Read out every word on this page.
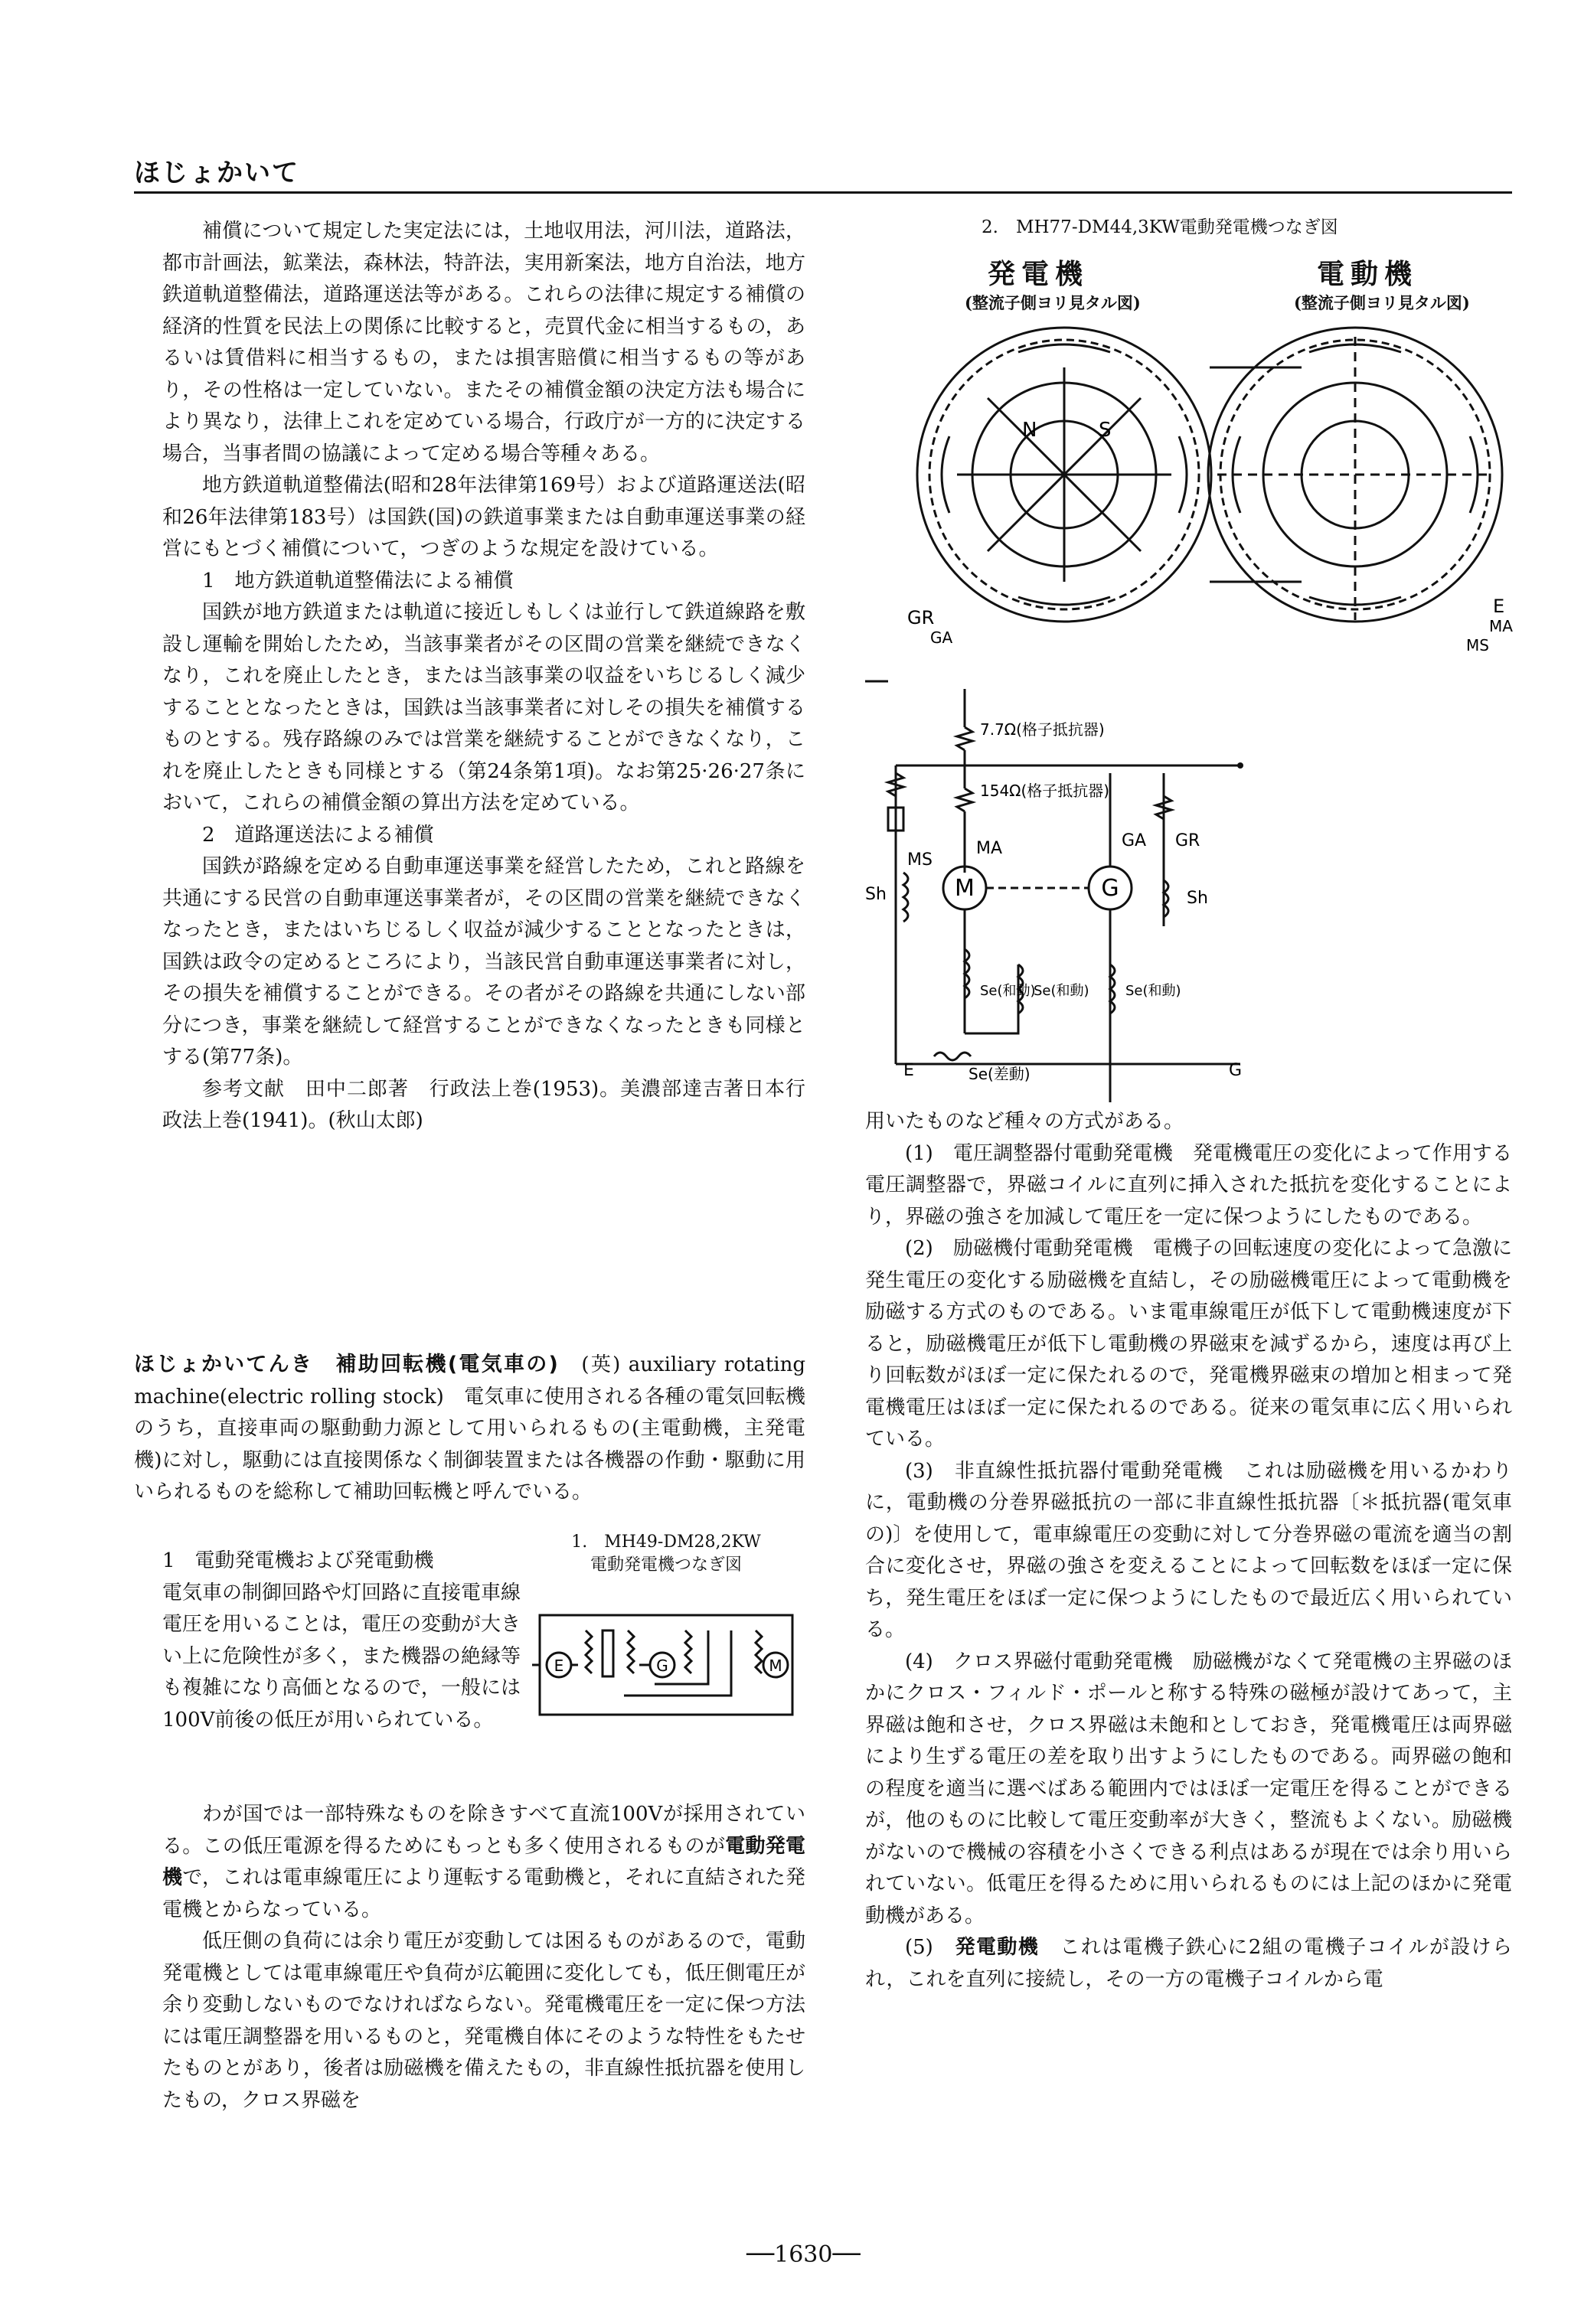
ほじょかいて

補償について規定した実定法には，土地収用法，河川法，道路法，都市計画法，鉱業法，森林法，特許法，実用新案法，地方自治法，地方鉄道軌道整備法，道路運送法等がある。これらの法律に規定する補償の経済的性質を民法上の関係に比較すると，売買代金に相当するもの，あるいは賃借料に相当するもの，または損害賠償に相当するもの等があり，その性格は一定していない。またその補償金額の決定方法も場合により異なり，法律上これを定めている場合，行政庁が一方的に決定する場合，当事者間の協議によって定める場合等種々ある。

地方鉄道軌道整備法(昭和28年法律第169号）および道路運送法(昭和26年法律第183号）は国鉄(国)の鉄道事業または自動車運送事業の経営にもとづく補償について，つぎのような規定を設けている。

1　地方鉄道軌道整備法による補償

国鉄が地方鉄道または軌道に接近しもしくは並行して鉄道線路を敷設し運輸を開始したため，当該事業者がその区間の営業を継続できなくなり，これを廃止したとき，または当該事業の収益をいちじるしく減少することとなったときは，国鉄は当該事業者に対しその損失を補償するものとする。残存路線のみでは営業を継続することができなくなり，これを廃止したときも同様とする（第24条第1項)。なお第25·26·27条において，これらの補償金額の算出方法を定めている。

2　道路運送法による補償

国鉄が路線を定める自動車運送事業を経営したため，これと路線を共通にする民営の自動車運送事業者が，その区間の営業を継続できなくなったとき，またはいちじるしく収益が減少することとなったときは，国鉄は政令の定めるところにより，当該民営自動車運送事業者に対し，その損失を補償することができる。その者がその路線を共通にしない部分につき，事業を継続して経営することができなくなったときも同様とする(第77条)。

参考文献　田中二郎著　行政法上巻(1953)。美濃部達吉著日本行政法上巻(1941)。(秋山太郎)

ほじょかいてんき　補助回転機(電気車の)　 (英) auxiliary rotating machine(electric rolling stock)　 電気車に使用される各種の電気回転機のうち，直接車両の駆動動力源として用いられるもの(主電動機，主発電機)に対し，駆動には直接関係なく制御装置または各機器の作動・駆動に用いられるものを総称して補助回転機と呼んでいる。

1　電動発電機および発電動機

電気車の制御回路や灯回路に直接電車線電圧を用いることは，電圧の変動が大きい上に危険性が多く，また機器の絶縁等も複雑になり高価となるので，一般には100V前後の低圧が用いられている。

1.　MH49-DM28,2KW
電動発電機つなぎ図
E	G	M

わが国では一部特殊なものを除きすべて直流100Vが採用されている。この低圧電源を得るためにもっとも多く使用されるものが電動発電機で，これは電車線電圧により運転する電動機と，それに直結された発電機とからなっている。

低圧側の負荷には余り電圧が変動しては困るものがあるので，電動発電機としては電車線電圧や負荷が広範囲に変化しても，低圧側電圧が余り変動しないものでなければならない。発電機電圧を一定に保つ方法には電圧調整器を用いるものと，発電機自体にそのような特性をもたせたものとがあり，後者は励磁機を備えたもの，非直線性抵抗器を使用したもの，クロス界磁を

2.　MH77-DM44,3KW電動発電機つなぎ図
発電機
(整流子側ヨリ見タル図)
電動機
(整流子側ヨリ見タル図)
N	S
GR
GA
E
MA
MS
M	G
7.7Ω(格子抵抗器)
154Ω(格子抵抗器)
MA	GA GR
MS
Sh	Sh
Se(和動)
Se(和動)	Se(和動)
E	Se(差動)	G

用いたものなど種々の方式がある。

(1)　 電圧調整器付電動発電機　 発電機電圧の変化によって作用する電圧調整器で，界磁コイルに直列に挿入された抵抗を変化することにより，界磁の強さを加減して電圧を一定に保つようにしたものである。

(2)　 励磁機付電動発電機　 電機子の回転速度の変化によって急激に発生電圧の変化する励磁機を直結し，その励磁機電圧によって電動機を励磁する方式のものである。いま電車線電圧が低下して電動機速度が下ると，励磁機電圧が低下し電動機の界磁束を減ずるから，速度は再び上り回転数がほぼ一定に保たれるので，発電機界磁束の増加と相まって発電機電圧はほぼ一定に保たれるのである。従来の電気車に広く用いられている。

(3)　 非直線性抵抗器付電動発電機　 これは励磁機を用いるかわりに，電動機の分巻界磁抵抗の一部に非直線性抵抗器〔＊抵抗器(電気車の)〕を使用して，電車線電圧の変動に対して分巻界磁の電流を適当の割合に変化させ，界磁の強さを変えることによって回転数をほぼ一定に保ち，発生電圧をほぼ一定に保つようにしたもので最近広く用いられている。

(4)　 クロス界磁付電動発電機　 励磁機がなくて発電機の主界磁のほかにクロス・フィルド・ポールと称する特殊の磁極が設けてあって，主界磁は飽和させ，クロス界磁は未飽和としておき，発電機電圧は両界磁により生ずる電圧の差を取り出すようにしたものである。両界磁の飽和の程度を適当に選べばある範囲内ではほぼ一定電圧を得ることができるが，他のものに比較して電圧変動率が大きく，整流もよくない。励磁機がないので機械の容積を小さくできる利点はあるが現在では余り用いられていない。低電圧を得るために用いられるものには上記のほかに発電動機がある。

(5)　 発電動機　 これは電機子鉄心に2組の電機子コイルが設けられ，これを直列に接続し，その一方の電機子コイルから電

──1630──
